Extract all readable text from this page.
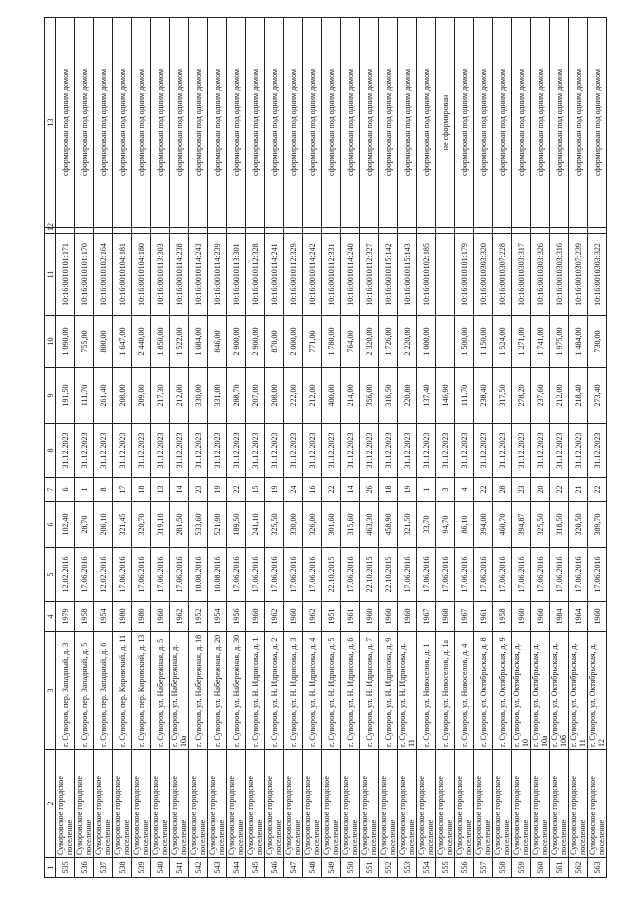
1	2	3	4	5	6	7	8	9	10	11	12	13
535	Суворовское городское поселение	г. Суворов, пер. Западный, д. 3	1979	12.02.2016	102,40	6	31.12.2023	191,50	1 090,00	10:16:0010101:171		сформирован под одним домом
536	Суворовское городское поселение	г. Суворов, пер. Западный, д. 5	1958	17.06.2016	28,70	1	31.12.2023	111,70	755,00	10:16:0010101:170		сформирован под одним домом
537	Суворовское городское поселение	г. Суворов, пер. Западный, д. 6	1954	12.02.2016	206,10	8	31.12.2023	261,40	800,00	10:16:0010102:164		сформирован под одним домом
538	Суворовское городское поселение	г. Суворов, пер. Кировский, д. 11	1980	17.06.2016	321,45	17	31.12.2023	208,00	1 647,00	10:16:0010104:181		сформирован под одним домом
539	Суворовское городское поселение	г. Суворов, пер. Кировский, д. 13	1980	17.06.2016	320,70	18	31.12.2023	209,00	2 440,00	10:16:0010104:180		сформирован под одним домом
540	Суворовское городское поселение	г. Суворов, ул. Набережная, д. 5	1960	17.06.2016	319,10	13	31.12.2023	217,30	1 850,00	10:16:0010113:303		сформирован под одним домом
541	Суворовское городское поселение	г. Суворов, ул. Набережная, д. 10а	1962	17.06.2016	281,50	14	31.12.2023	212,00	1 522,00	10:16:0010114:238		сформирован под одним домом
542	Суворовское городское поселение	г. Суворов, ул. Набережная, д. 18	1952	10.08.2016	533,60	23	31.12.2023	330,00	1 084,00	10:16:0010114:243		сформирован под одним домом
543	Суворовское городское поселение	г. Суворов, ул. Набережная, д. 20	1954	10.08.2016	521,90	19	31.12.2023	331,00	846,00	10:16:0010114:239		сформирован под одним домом
544	Суворовское городское поселение	г. Суворов, ул. Набережная, д. 30	1956	17.06.2016	189,50	22	31.12.2023	288,70	2 900,00	10:16:0010113:301		сформирован под одним домом
545	Суворовское городское поселение	г. Суворов, ул. Н. Идрисова, д. 1	1960	17.06.2016	241,10	15	31.12.2023	207,00	2 900,00	10:16:0010112:328		сформирован под одним домом
546	Суворовское городское поселение	г. Суворов, ул. Н. Идрисова, д. 2	1962	17.06.2016	325,50	19	31.12.2023	208,00	870,00	10:16:0010114:241		сформирован под одним домом
547	Суворовское городское поселение	г. Суворов, ул. Н. Идрисова, д. 3	1960	17.06.2016	330,00	24	31.12.2023	222,00	2 000,00	10:16:0010112:329		сформирован под одним домом
548	Суворовское городское поселение	г. Суворов, ул. Н. Идрисова, д. 4	1962	17.06.2016	326,00	16	31.12.2023	212,00	771,00	10:16:0010114:242		сформирован под одним домом
549	Суворовское городское поселение	г. Суворов, ул. Н. Идрисова, д. 5	1951	22.10.2015	301,60	22	31.12.2023	400,00	1 780,00	10:16:0010112:331		сформирован под одним домом
550	Суворовское городское поселение	г. Суворов, ул. Н. Идрисова, д. 6	1961	17.06.2016	315,60	14	31.12.2023	214,00	764,00	10:16:0010114:240		сформирован под одним домом
551	Суворовское городское поселение	г. Суворов, ул. Н. Идрисова, д. 7	1960	22.10.2015	463,30	26	31.12.2023	356,00	2 320,00	10:16:0010112:327		сформирован под одним домом
552	Суворовское городское поселение	г. Суворов, ул. Н. Идрисова, д. 9	1960	22.10.2015	458,90	18	31.12.2023	316,50	1 726,00	10:16:0010115:142		сформирован под одним домом
553	Суворовское городское поселение	г. Суворов, ул. Н. Идрисова, д. 11	1960	17.06.2016	321,50	19	31.12.2023	220,80	2 220,00	10:16:0010115:143		сформирован под одним домом
554	Суворовское городское поселение	г. Суворов, ул. Новоселов, д. 1	1967	17.06.2016	33,70	1	31.12.2023	137,40	1 000,00	10:16:0010102:185		сформирован под одним домом
555	Суворовское городское поселение	г. Суворов, ул. Новоселов, д. 1а	1968	17.06.2016	94,70	3	31.12.2023	146,90				не сформирован
556	Суворовское городское поселение	г. Суворов, ул. Новоселов, д. 4	1967	17.06.2016	86,10	4	31.12.2023	111,70	1 500,00	10:16:0010101:179		сформирован под одним домом
557	Суворовское городское поселение	г. Суворов, ул. Октябрьская, д. 8	1961	17.06.2016	394,00	22	31.12.2023	238,40	1 150,00	10:16:0010303:320		сформирован под одним домом
558	Суворовское городское поселение	г. Суворов, ул. Октябрьская, д. 9	1958	17.06.2016	460,70	28	31.12.2023	317,50	1 524,00	10:16:0010307:228		сформирован под одним домом
559	Суворовское городское поселение	г. Суворов, ул. Октябрьская, д. 10	1960	17.06.2016	394,87	23	31.12.2023	278,20	1 271,00	10:16:0010303:317		сформирован под одним домом
560	Суворовское городское поселение	г. Суворов, ул. Октябрьская, д. 10а	1960	17.06.2016	325,50	20	31.12.2023	237,60	1 741,00	10:16:0010303:326		сформирован под одним домом
561	Суворовское городское поселение	г. Суворов, ул. Октябрьская, д. 10б	1984	17.06.2016	318,50	22	31.12.2023	212,00	1 975,00	10:16:0010303:316		сформирован под одним домом
562	Суворовское городское поселение	г. Суворов, ул. Октябрьская, д. 11	1964	17.06.2016	320,50	21	31.12.2023	218,40	1 484,00	10:16:0010307:239		сформирован под одним домом
563	Суворовское городское поселение	г. Суворов, ул. Октябрьская, д. 12	1960	17.06.2016	389,70	22	31.12.2023	273,40	730,00	10:16:0010303:322		сформирован под одним домом
